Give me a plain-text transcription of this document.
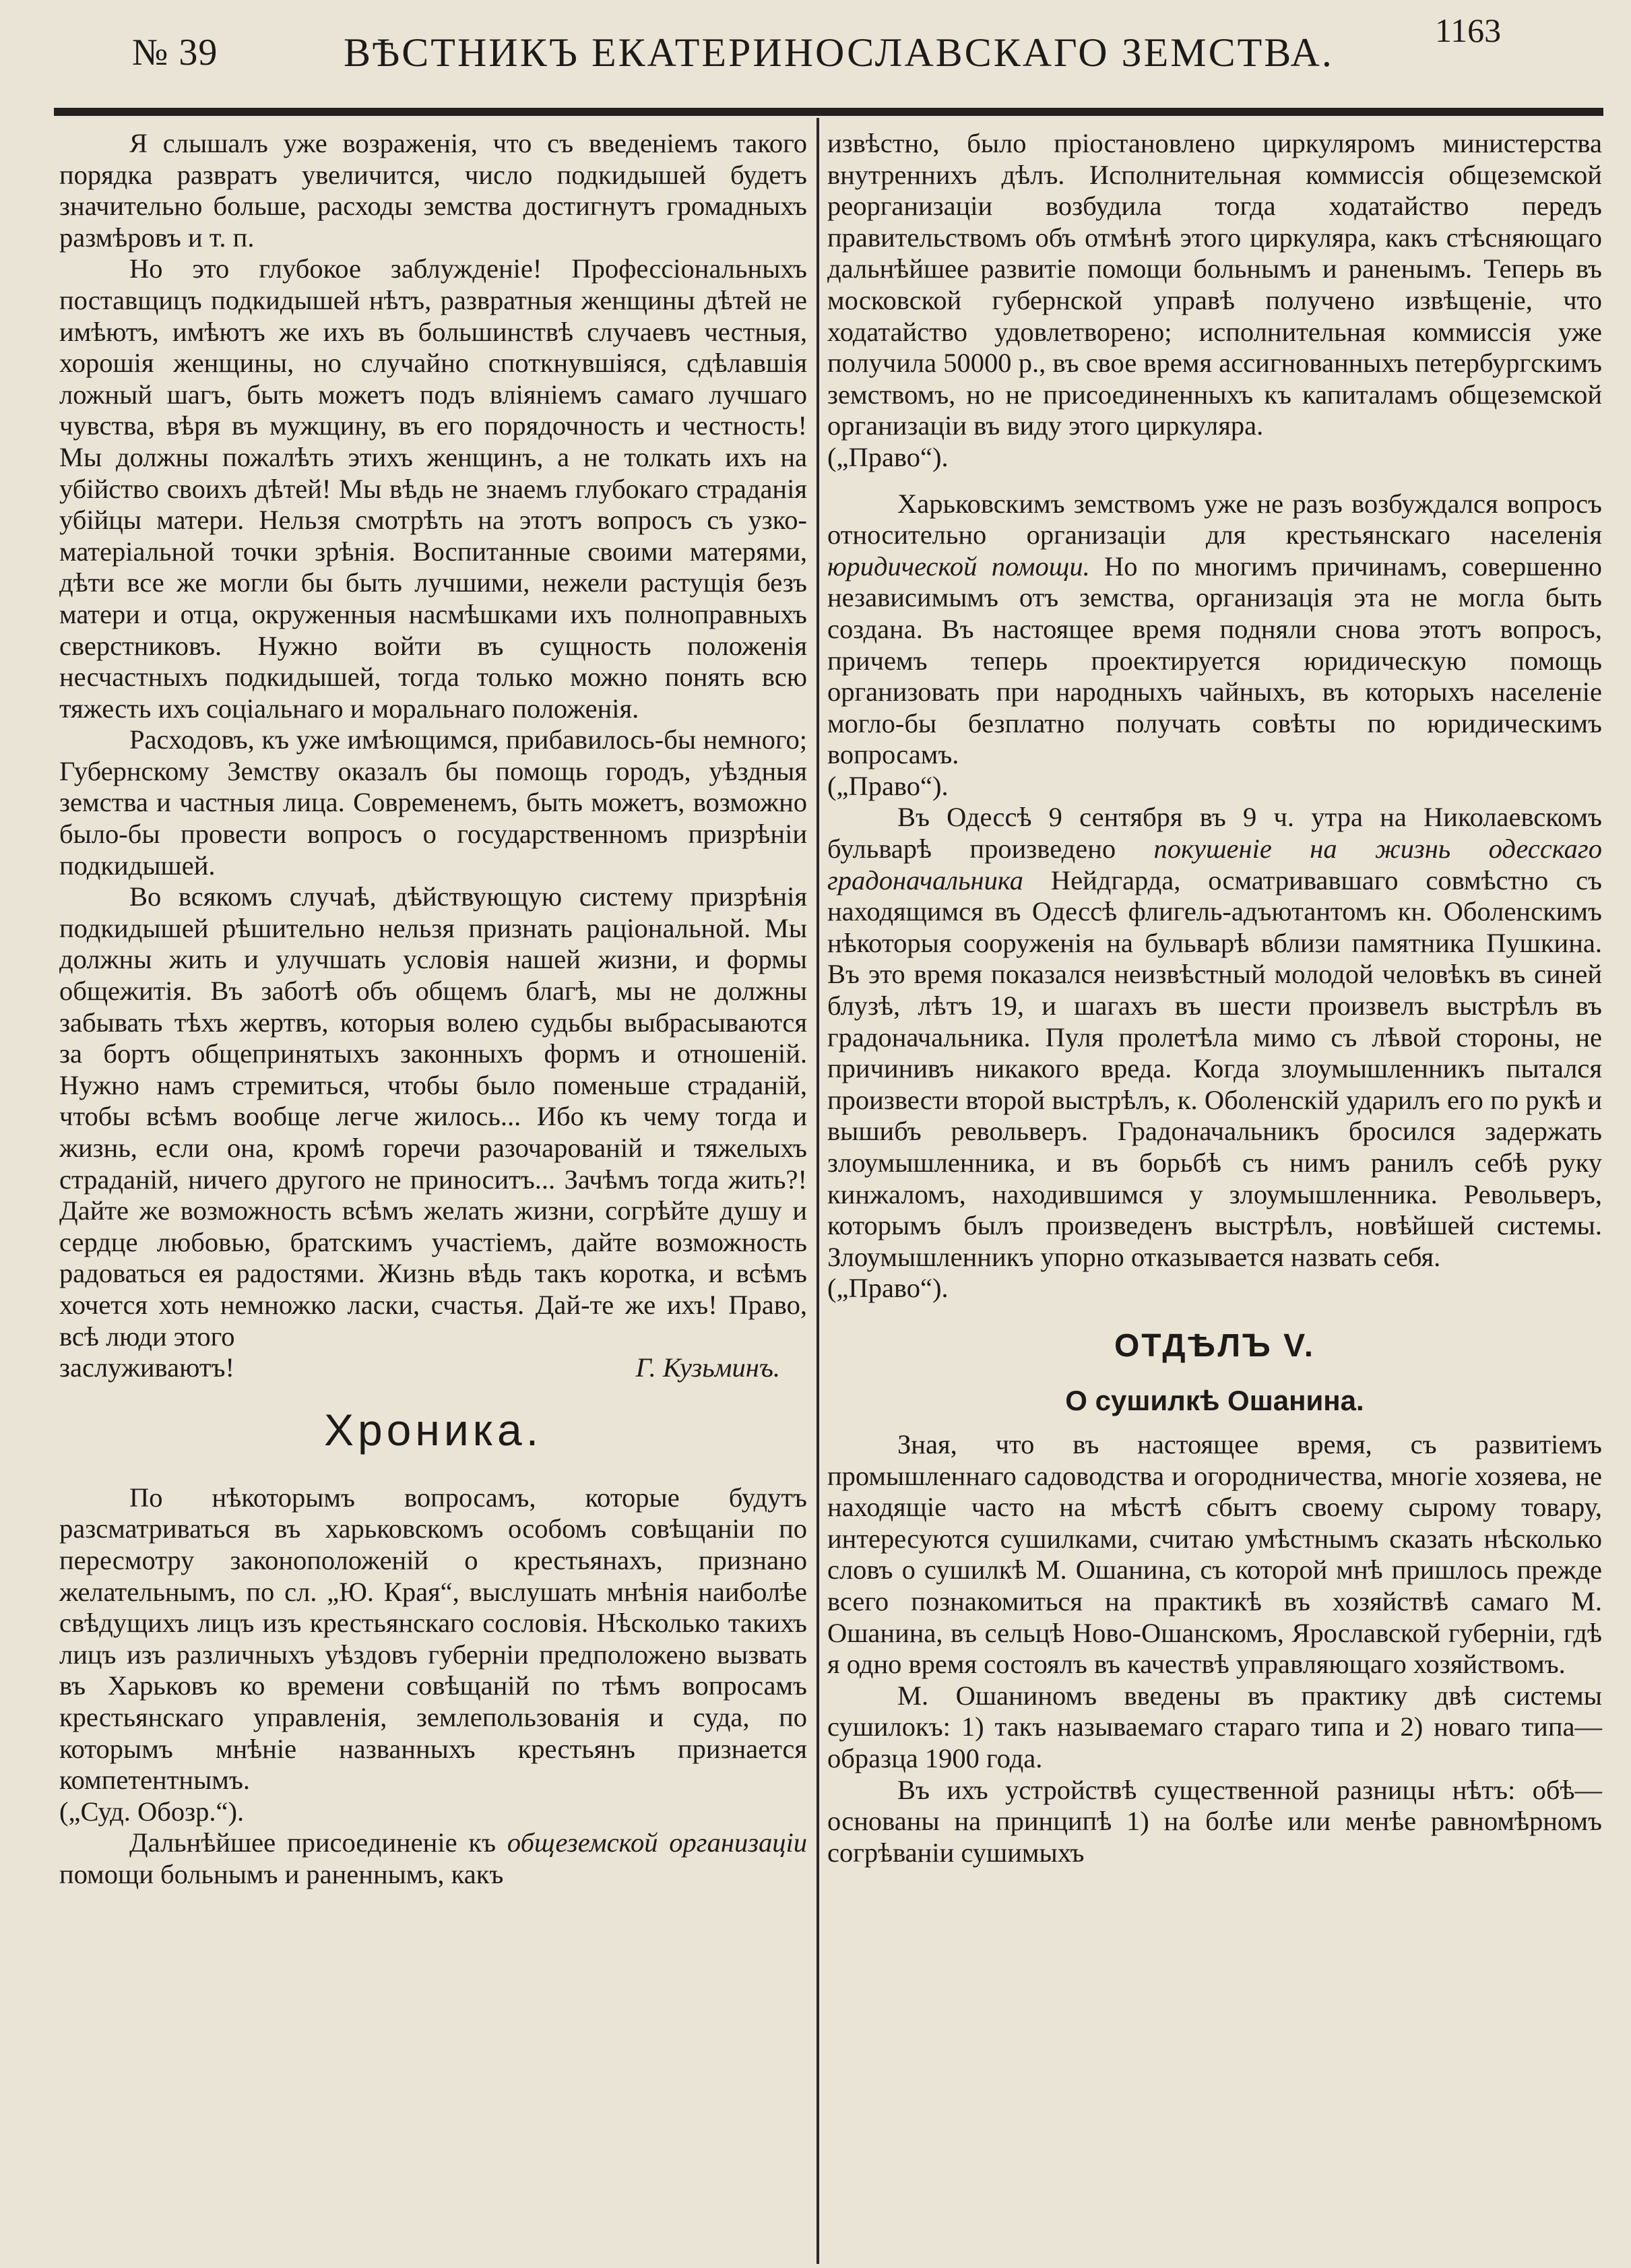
№ 39	ВѢСТНИКЪ ЕКАТЕРИНОСЛАВСКАГО ЗЕМСТВА.	1163

Я слышалъ уже возраженія, что съ введеніемъ такого порядка развратъ увеличится, число подкидышей будетъ значительно больше, расходы земства достигнутъ громадныхъ размѣровъ и т. п.

Но это глубокое заблужденіе! Профессіональныхъ поставщицъ подкидышей нѣтъ, развратныя женщины дѣтей не имѣютъ, имѣютъ же ихъ въ большинствѣ случаевъ честныя, хорошія женщины, но случайно споткнувшіяся, сдѣлавшія ложный шагъ, быть можетъ подъ вліяніемъ самаго лучшаго чувства, вѣря въ мужщину, въ его порядочность и честность! Мы должны пожалѣть этихъ женщинъ, а не толкать ихъ на убійство своихъ дѣтей! Мы вѣдь не знаемъ глубокаго страданія убійцы матери. Нельзя смотрѣть на этотъ вопросъ съ узко-матеріальной точки зрѣнія. Воспитанные своими матерями, дѣти все же могли бы быть лучшими, нежели растущія безъ матери и отца, окруженныя насмѣшками ихъ полноправныхъ сверстниковъ. Нужно войти въ сущность положенія несчастныхъ подкидышей, тогда только можно понять всю тяжесть ихъ соціальнаго и моральнаго положенія.

Расходовъ, къ уже имѣющимся, прибавилось-бы немного; Губернскому Земству оказалъ бы помощь городъ, уѣздныя земства и частныя лица. Современемъ, быть можетъ, возможно было-бы провести вопросъ о государственномъ призрѣніи подкидышей.

Во всякомъ случаѣ, дѣйствующую систему призрѣнія подкидышей рѣшительно нельзя признать раціональной. Мы должны жить и улучшать условія нашей жизни, и формы общежитія. Въ заботѣ объ общемъ благѣ, мы не должны забывать тѣхъ жертвъ, которыя волею судьбы выбрасываются за бортъ общепринятыхъ законныхъ формъ и отношеній. Нужно намъ стремиться, чтобы было поменьше страданій, чтобы всѣмъ вообще легче жилось... Ибо къ чему тогда и жизнь, если она, кромѣ горечи разочарованій и тяжелыхъ страданій, ничего другого не приноситъ... Зачѣмъ тогда жить?! Дайте же возможность всѣмъ желать жизни, согрѣйте душу и сердце любовью, братскимъ участіемъ, дайте возможность радоваться ея радостями. Жизнь вѣдь такъ коротка, и всѣмъ хочется хоть немножко ласки, счастья. Дай-те же ихъ! Право, всѣ люди этого

заслуживаютъ!	Г. Кузьминъ.
Хроника.

По нѣкоторымъ вопросамъ, которые будутъ разсматриваться въ харьковскомъ особомъ совѣщаніи по пересмотру законоположеній о крестьянахъ, признано желательнымъ, по сл. „Ю. Края“, выслушать мнѣнія наиболѣе свѣдущихъ лицъ изъ крестьянскаго сословія. Нѣсколько такихъ лицъ изъ различныхъ уѣздовъ губерніи предположено вызвать въ Харьковъ ко времени совѣщаній по тѣмъ вопросамъ крестьянскаго управленія, землепользованія и суда, по которымъ мнѣніе названныхъ крестьянъ признается компетентнымъ.

(„Суд. Обозр.“).

Дальнѣйшее присоединеніе къ общеземской организаціи помощи больнымъ и раненнымъ, какъ

извѣстно, было пріостановлено циркуляромъ министерства внутреннихъ дѣлъ. Исполнительная коммиссія общеземской реорганизаціи возбудила тогда ходатайство передъ правительствомъ объ отмѣнѣ этого циркуляра, какъ стѣсняющаго дальнѣйшее развитіе помощи больнымъ и раненымъ. Теперь въ московской губернской управѣ получено извѣщеніе, что ходатайство удовлетворено; исполнительная коммиссія уже получила 50000 р., въ свое время ассигнованныхъ петербургскимъ земствомъ, но не присоединенныхъ къ капиталамъ общеземской организаціи въ виду этого циркуляра.

(„Право“).

Харьковскимъ земствомъ уже не разъ возбуждался вопросъ относительно организаціи для крестьянскаго населенія юридической помощи. Но по многимъ причинамъ, совершенно независимымъ отъ земства, организація эта не могла быть создана. Въ настоящее время подняли снова этотъ вопросъ, причемъ теперь проектируется юридическую помощь организовать при народныхъ чайныхъ, въ которыхъ населеніе могло-бы безплатно получать совѣты по юридическимъ вопросамъ.

(„Право“).

Въ Одессѣ 9 сентября въ 9 ч. утра на Николаевскомъ бульварѣ произведено покушеніе на жизнь одесскаго градоначальника Нейдгарда, осматривавшаго совмѣстно съ находящимся въ Одессѣ флигель-адъютантомъ кн. Оболенскимъ нѣкоторыя сооруженія на бульварѣ вблизи памятника Пушкина. Въ это время показался неизвѣстный молодой человѣкъ въ синей блузѣ, лѣтъ 19, и шагахъ въ шести произвелъ выстрѣлъ въ градоначальника. Пуля пролетѣла мимо съ лѣвой стороны, не причинивъ никакого вреда. Когда злоумышленникъ пытался произвести второй выстрѣлъ, к. Оболенскій ударилъ его по рукѣ и вышибъ револьверъ. Градоначальникъ бросился задержать злоумышленника, и въ борьбѣ съ нимъ ранилъ себѣ руку кинжаломъ, находившимся у злоумышленника. Револьверъ, которымъ былъ произведенъ выстрѣлъ, новѣйшей системы. Злоумышленникъ упорно отказывается назвать себя.

(„Право“).

ОТДѢЛЪ V.
О сушилкѣ Ошанина.

Зная, что въ настоящее время, съ развитіемъ промышленнаго садоводства и огородничества, многіе хозяева, не находящіе часто на мѣстѣ сбытъ своему сырому товару, интересуются сушилками, считаю умѣстнымъ сказать нѣсколько словъ о сушилкѣ М. Ошанина, съ которой мнѣ пришлось прежде всего познакомиться на практикѣ въ хозяйствѣ самаго М. Ошанина, въ сельцѣ Ново-Ошанскомъ, Ярославской губерніи, гдѣ я одно время состоялъ въ качествѣ управляющаго хозяйствомъ.

М. Ошаниномъ введены въ практику двѣ системы сушилокъ: 1) такъ называемаго стараго типа и 2) новаго типа—образца 1900 года.

Въ ихъ устройствѣ существенной разницы нѣтъ: обѣ—основаны на принципѣ 1) на болѣе или менѣе равномѣрномъ согрѣваніи сушимыхъ
